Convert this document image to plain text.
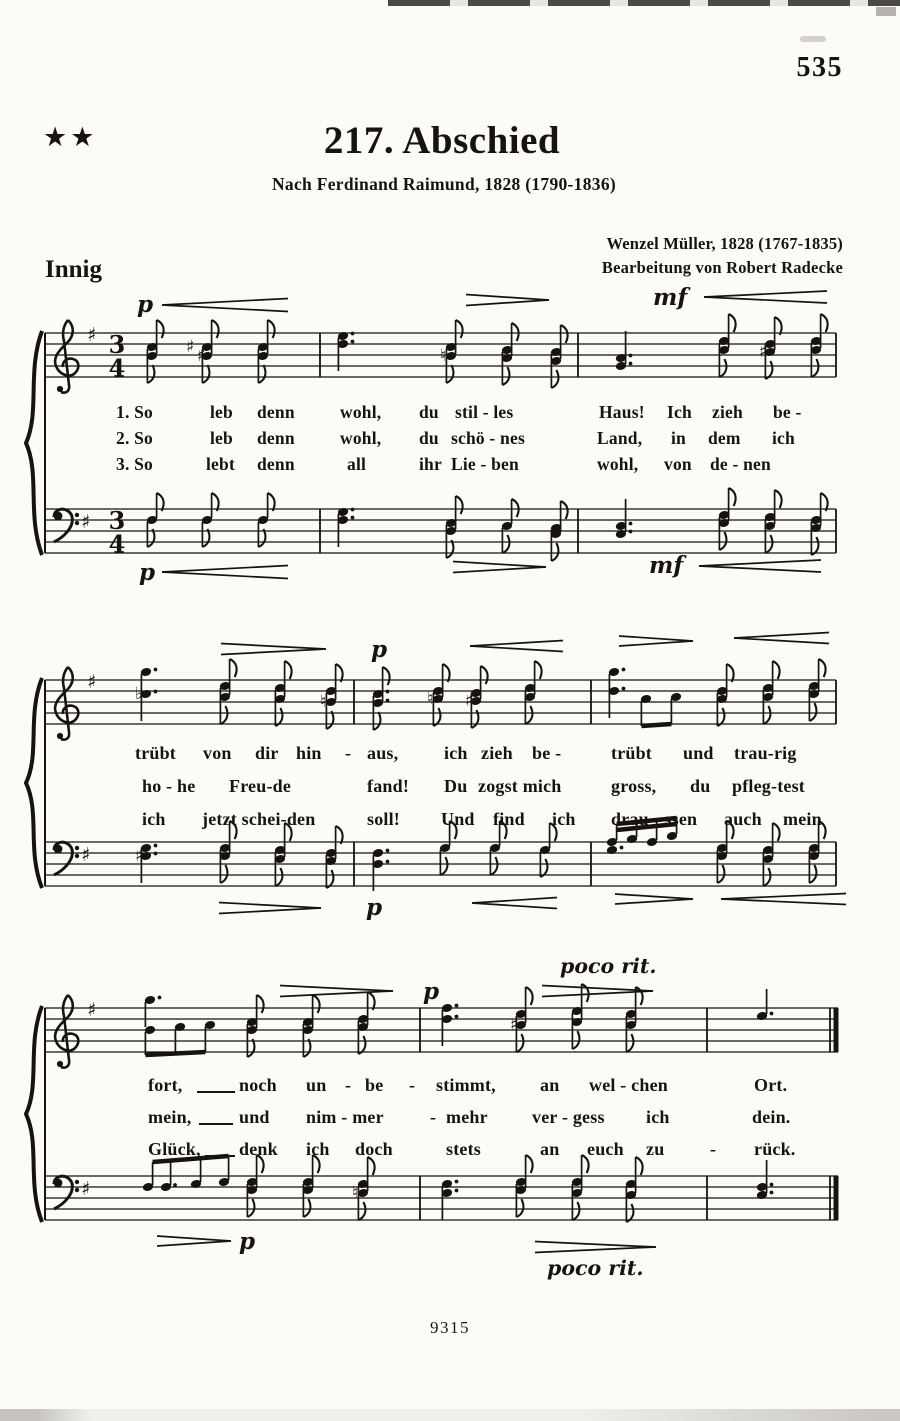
535
★★	217. Abschied
Nach Ferdinand Raimund, 1828 (1790-1836)
Innig
Wenzel Müller, 1828 (1767-1835)
Bearbeitung von Robert Radecke
♯ 3
4
♯ ♯	♮	♯
♯ 3
4
p	mf
p	mf
♯
♭	♮	♮ ♯
♯	♯
p
p
♯
♯
♯	♮
p
poco rit.
p
poco rit.
1. So	leb denn	wohl, du stil - les	Haus! Ich zieh be -
2. So	leb denn	wohl, du schö - nes	Land, in dem ich
3. So	lebt denn	all	ihr Lie - ben	wohl, von de - nen
trübt von dir hin - aus,	ich zieh be -	trübt und trau-rig
ho - he Freu-de	fand! Du zogst mich	gross, du pfleg-test
ich jetzt schei-den	soll! Und find ich drau - ssen auch mein
fort,	noch un - be - stimmt, an wel - chen	Ort.
mein,	und nim - mer	- mehr ver - gess ich	dein.
Glück, denk ich doch	stets	an euch zu	- rück.
9315
